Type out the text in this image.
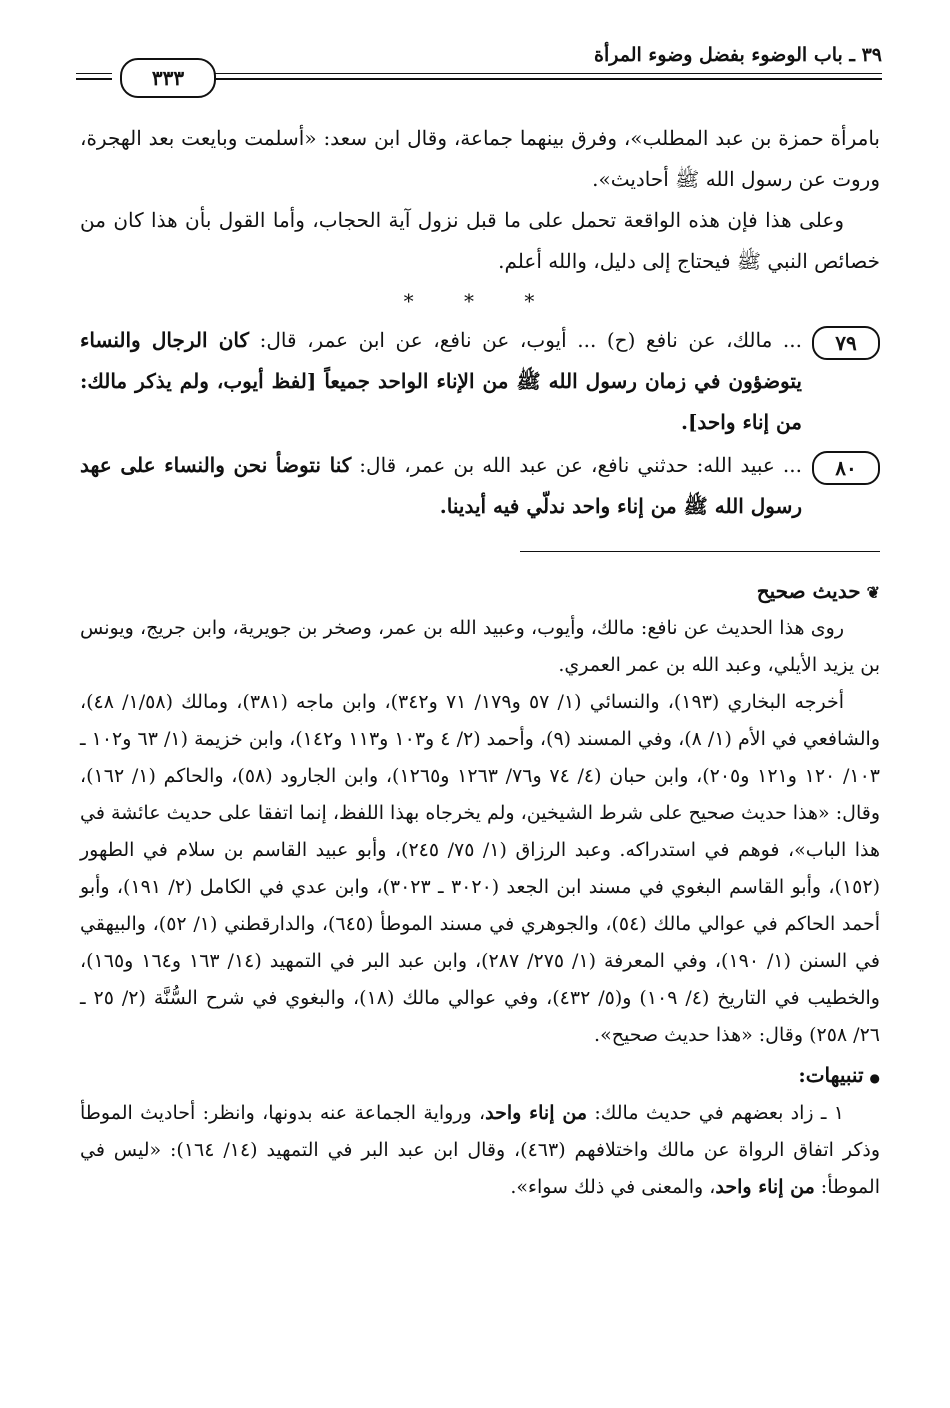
٣٩ ـ باب الوضوء بفضل وضوء المرأة
٣٣٣

بامرأة حمزة بن عبد المطلب»، وفرق بينهما جماعة، وقال ابن سعد: «أسلمت وبايعت بعد الهجرة، وروت عن رسول الله ﷺ أحاديث».

وعلى هذا فإن هذه الواقعة تحمل على ما قبل نزول آية الحجاب، وأما القول بأن هذا كان من خصائص النبي ﷺ فيحتاج إلى دليل، والله أعلم.

* * *
٧٩
... مالك، عن نافع (ح) ... أيوب، عن نافع، عن ابن عمر، قال: كان الرجال والنساء يتوضؤون في زمان رسول الله ﷺ من الإناء الواحد جميعاً [لفظ أيوب، ولم يذكر مالك: من إناء واحد].
٨٠
... عبيد الله: حدثني نافع، عن عبد الله بن عمر، قال: كنا نتوضأ نحن والنساء على عهد رسول الله ﷺ من إناء واحد ندلّي فيه أيدينا.
❦حديث صحيح

روى هذا الحديث عن نافع: مالك، وأيوب، وعبيد الله بن عمر، وصخر بن جويرية، وابن جريج، ويونس بن يزيد الأيلي، وعبد الله بن عمر العمري.

أخرجه البخاري (١٩٣)، والنسائي (١/ ٥٧ و١٧٩/ ٧١ و٣٤٢)، وابن ماجه (٣٨١)، ومالك (١/٥٨/ ٤٨)، والشافعي في الأم (١/ ٨)، وفي المسند (٩)، وأحمد (٢/ ٤ و١٠٣ و١١٣ و١٤٢)، وابن خزيمة (١/ ٦٣ و١٠٢ ـ ١٠٣/ ١٢٠ و١٢١ و٢٠٥)، وابن حبان (٤/ ٧٤ و٧٦/ ١٢٦٣ و١٢٦٥)، وابن الجارود (٥٨)، والحاكم (١/ ١٦٢)، وقال: «هذا حديث صحيح على شرط الشيخين، ولم يخرجاه بهذا اللفظ، إنما اتفقا على حديث عائشة في هذا الباب»، فوهم في استدراكه. وعبد الرزاق (١/ ٧٥/ ٢٤٥)، وأبو عبيد القاسم بن سلام في الطهور (١٥٢)، وأبو القاسم البغوي في مسند ابن الجعد (٣٠٢٠ ـ ٣٠٢٣)، وابن عدي في الكامل (٢/ ١٩١)، وأبو أحمد الحاكم في عوالي مالك (٥٤)، والجوهري في مسند الموطأ (٦٤٥)، والدارقطني (١/ ٥٢)، والبيهقي في السنن (١/ ١٩٠)، وفي المعرفة (١/ ٢٧٥/ ٢٨٧)، وابن عبد البر في التمهيد (١٤/ ١٦٣ و١٦٤ و١٦٥)، والخطيب في التاريخ (٤/ ١٠٩) و(٥/ ٤٣٢)، وفي عوالي مالك (١٨)، والبغوي في شرح السُّنَّة (٢/ ٢٥ ـ ٢٦/ ٢٥٨) وقال: «هذا حديث صحيح».

●تنبيهات:

١ ـ زاد بعضهم في حديث مالك: من إناء واحد، ورواية الجماعة عنه بدونها، وانظر: أحاديث الموطأ وذكر اتفاق الرواة عن مالك واختلافهم (٤٦٣)، وقال ابن عبد البر في التمهيد (١٤/ ١٦٤): «ليس في الموطأ: من إناء واحد، والمعنى في ذلك سواء».
